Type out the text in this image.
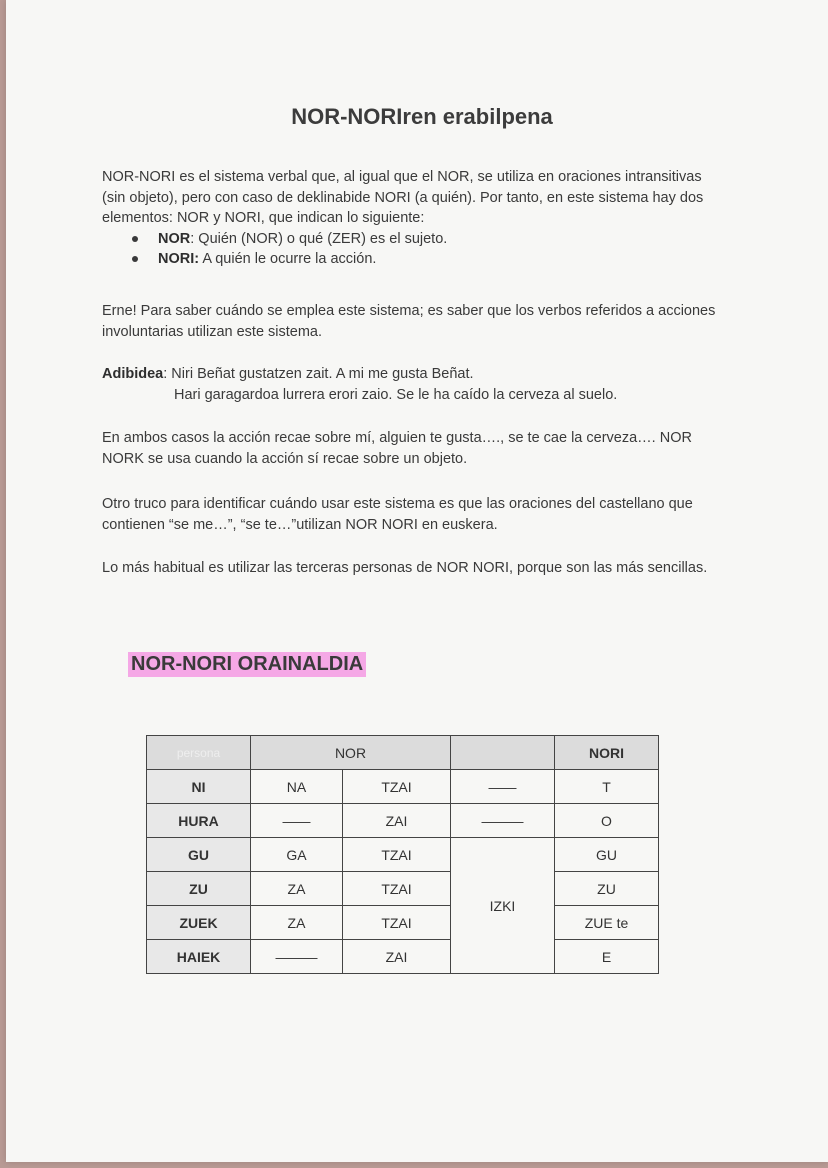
NOR-NORIren erabilpena
NOR-NORI es el sistema verbal que, al igual que el NOR, se utiliza en oraciones intransitivas (sin objeto), pero con caso de deklinabide NORI (a quién). Por tanto, en este sistema hay dos elementos: NOR y NORI, que indican lo siguiente:
NOR: Quién (NOR) o qué (ZER) es el sujeto.
NORI: A quién le ocurre la acción.
Erne! Para saber cuándo se emplea este sistema; es saber que los verbos referidos a acciones involuntarias utilizan este sistema.
Adibidea: Niri Beñat gustatzen zait. A mi me gusta Beñat.
Hari garagardoa lurrera erori zaio. Se le ha caído la cerveza al suelo.
En ambos casos la acción recae sobre mí, alguien te gusta…., se te cae la cerveza…. NOR NORK se usa cuando la acción sí recae sobre un objeto.
Otro truco para identificar cuándo usar este sistema es que las oraciones del castellano que contienen “se me…”, “se te…”utilizan NOR NORI en euskera.
Lo más habitual es utilizar las terceras personas de NOR NORI, porque son las más sencillas.
NOR-NORI ORAINALDIA
persona	NOR			NORI
NI	NA	TZAI	——	T
HURA	——	ZAI	———	O
GU	GA	TZAI	IZKI	GU
ZU	ZA	TZAI		ZU
ZUEK	ZA	TZAI		ZUE te
HAIEK	———	ZAI		E
